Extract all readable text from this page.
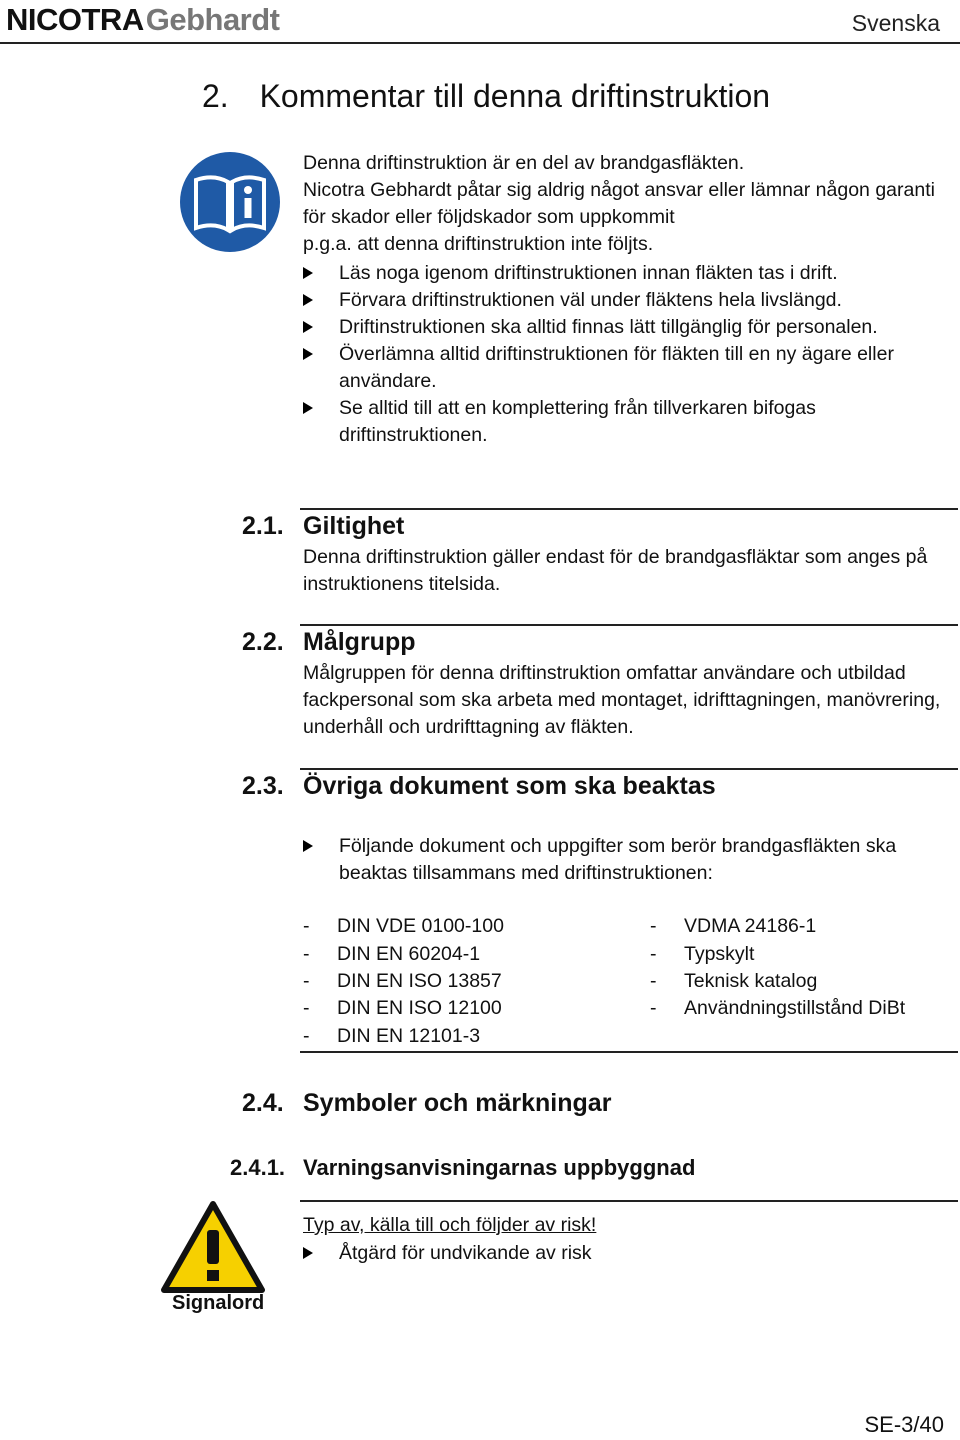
NICOTRAGebhardt	Svenska
2. Kommentar till denna driftinstruktion
Denna driftinstruktion är en del av brandgasfläkten.
Nicotra Gebhardt påtar sig aldrig något ansvar eller lämnar någon garanti
för skador eller följdskador som uppkommit
p.g.a. att denna driftinstruktion inte följts.
Läs noga igenom driftinstruktionen innan fläkten tas i drift.
Förvara driftinstruktionen väl under fläktens hela livslängd.
Driftinstruktionen ska alltid finnas lätt tillgänglig för personalen.
Överlämna alltid driftinstruktionen för fläkten till en ny ägare eller
användare.
Se alltid till att en komplettering från tillverkaren bifogas
driftinstruktionen.
2.1. Giltighet
Denna driftinstruktion gäller endast för de brandgasfläktar som anges på
instruktionens titelsida.
2.2. Målgrupp
Målgruppen för denna driftinstruktion omfattar användare och utbildad
fackpersonal som ska arbeta med montaget, idrifttagningen, manövrering,
underhåll och urdrifttagning av fläkten.
2.3. Övriga dokument som ska beaktas
Följande dokument och uppgifter som berör brandgasfläkten ska
beaktas tillsammans med driftinstruktionen:
- DIN VDE 0100-100
- DIN EN 60204-1
- DIN EN ISO 13857
- DIN EN ISO 12100
- DIN EN 12101-3
- VDMA 24186-1
- Typskylt
- Teknisk katalog
- Användningstillstånd DiBt
2.4. Symboler och märkningar
2.4.1. Varningsanvisningarnas uppbyggnad
Signalord
Typ av, källa till och följder av risk!
Åtgärd för undvikande av risk
SE-3/40
